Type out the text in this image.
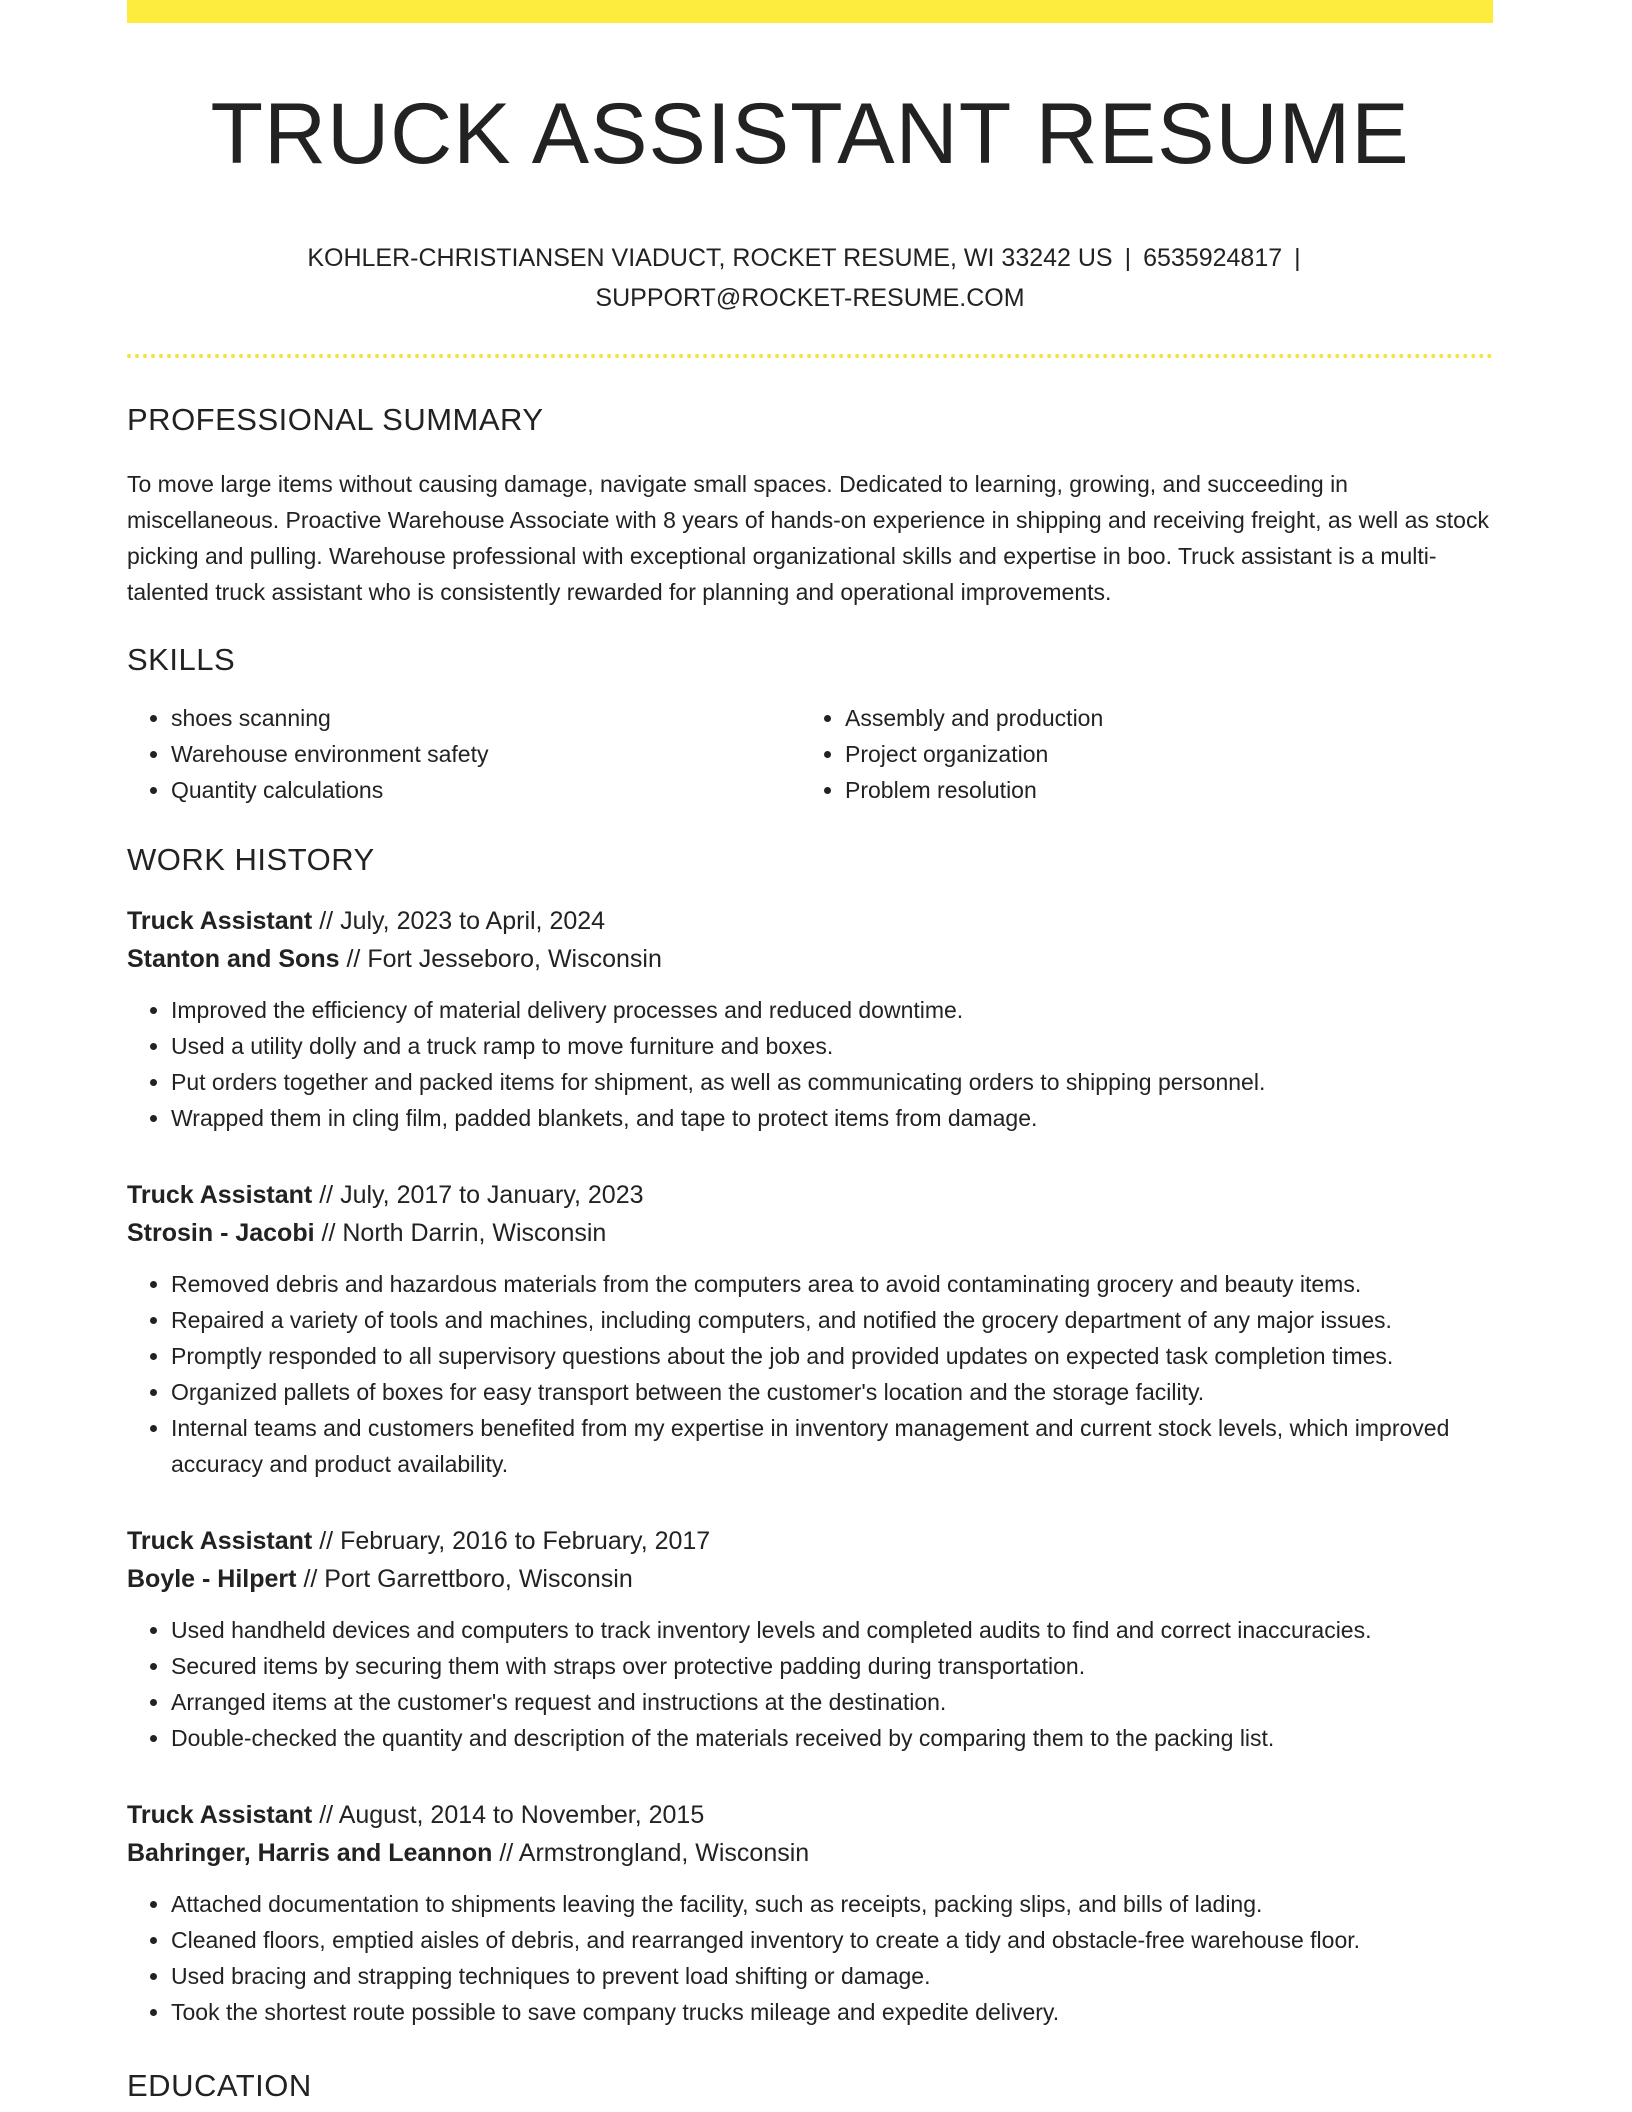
TRUCK ASSISTANT RESUME
KOHLER-CHRISTIANSEN VIADUCT, ROCKET RESUME, WI 33242 US | 6535924817 |
SUPPORT@ROCKET-RESUME.COM
PROFESSIONAL SUMMARY

To move large items without causing damage, navigate small spaces. Dedicated to learning, growing, and succeeding in miscellaneous. Proactive Warehouse Associate with 8 years of hands-on experience in shipping and receiving freight, as well as stock picking and pulling. Warehouse professional with exceptional organizational skills and expertise in boo. Truck assistant is a multi-talented truck assistant who is consistently rewarded for planning and operational improvements.

SKILLS
• shoes scanning
• Warehouse environment safety
• Quantity calculations
• Assembly and production
• Project organization
• Problem resolution
WORK HISTORY
Truck Assistant // July, 2023 to April, 2024
Stanton and Sons // Fort Jesseboro, Wisconsin
• Improved the efficiency of material delivery processes and reduced downtime.
• Used a utility dolly and a truck ramp to move furniture and boxes.
• Put orders together and packed items for shipment, as well as communicating orders to shipping personnel.
• Wrapped them in cling film, padded blankets, and tape to protect items from damage.
Truck Assistant // July, 2017 to January, 2023
Strosin - Jacobi // North Darrin, Wisconsin
• Removed debris and hazardous materials from the computers area to avoid contaminating grocery and beauty items.
• Repaired a variety of tools and machines, including computers, and notified the grocery department of any major issues.
• Promptly responded to all supervisory questions about the job and provided updates on expected task completion times.
• Organized pallets of boxes for easy transport between the customer's location and the storage facility.
• Internal teams and customers benefited from my expertise in inventory management and current stock levels, which improved accuracy and product availability.
Truck Assistant // February, 2016 to February, 2017
Boyle - Hilpert // Port Garrettboro, Wisconsin
• Used handheld devices and computers to track inventory levels and completed audits to find and correct inaccuracies.
• Secured items by securing them with straps over protective padding during transportation.
• Arranged items at the customer's request and instructions at the destination.
• Double-checked the quantity and description of the materials received by comparing them to the packing list.
Truck Assistant // August, 2014 to November, 2015
Bahringer, Harris and Leannon // Armstrongland, Wisconsin
• Attached documentation to shipments leaving the facility, such as receipts, packing slips, and bills of lading.
• Cleaned floors, emptied aisles of debris, and rearranged inventory to create a tidy and obstacle-free warehouse floor.
• Used bracing and strapping techniques to prevent load shifting or damage.
• Took the shortest route possible to save company trucks mileage and expedite delivery.
EDUCATION
